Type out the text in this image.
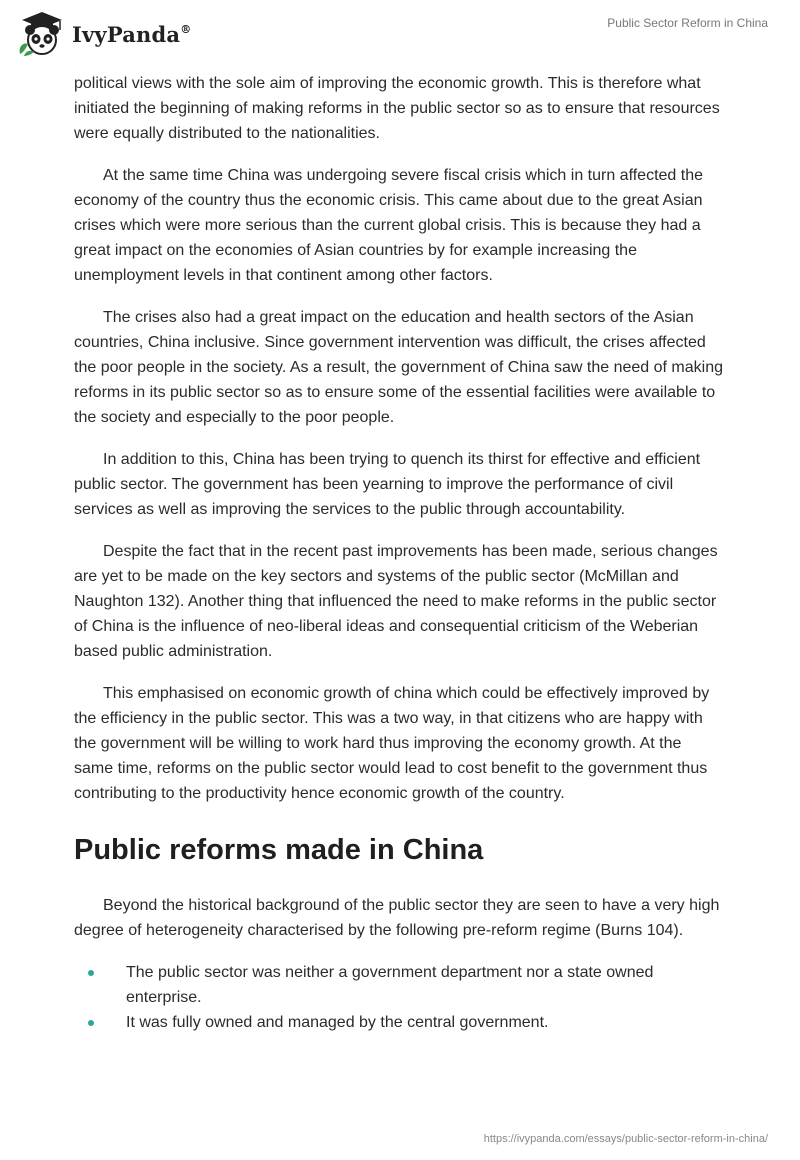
IvyPanda®	Public Sector Reform in China

political views with the sole aim of improving the economic growth. This is therefore what initiated the beginning of making reforms in the public sector so as to ensure that resources were equally distributed to the nationalities.

At the same time China was undergoing severe fiscal crisis which in turn affected the economy of the country thus the economic crisis. This came about due to the great Asian crises which were more serious than the current global crisis. This is because they had a great impact on the economies of Asian countries by for example increasing the unemployment levels in that continent among other factors.

The crises also had a great impact on the education and health sectors of the Asian countries, China inclusive. Since government intervention was difficult, the crises affected the poor people in the society. As a result, the government of China saw the need of making reforms in its public sector so as to ensure some of the essential facilities were available to the society and especially to the poor people.

In addition to this, China has been trying to quench its thirst for effective and efficient public sector. The government has been yearning to improve the performance of civil services as well as improving the services to the public through accountability.

Despite the fact that in the recent past improvements has been made, serious changes are yet to be made on the key sectors and systems of the public sector (McMillan and Naughton 132). Another thing that influenced the need to make reforms in the public sector of China is the influence of neo-liberal ideas and consequential criticism of the Weberian based public administration.

This emphasised on economic growth of china which could be effectively improved by the efficiency in the public sector. This was a two way, in that citizens who are happy with the government will be willing to work hard thus improving the economy growth. At the same time, reforms on the public sector would lead to cost benefit to the government thus contributing to the productivity hence economic growth of the country.

Public reforms made in China

Beyond the historical background of the public sector they are seen to have a very high degree of heterogeneity characterised by the following pre-reform regime (Burns 104).

The public sector was neither a government department nor a state owned enterprise.
It was fully owned and managed by the central government.
https://ivypanda.com/essays/public-sector-reform-in-china/
